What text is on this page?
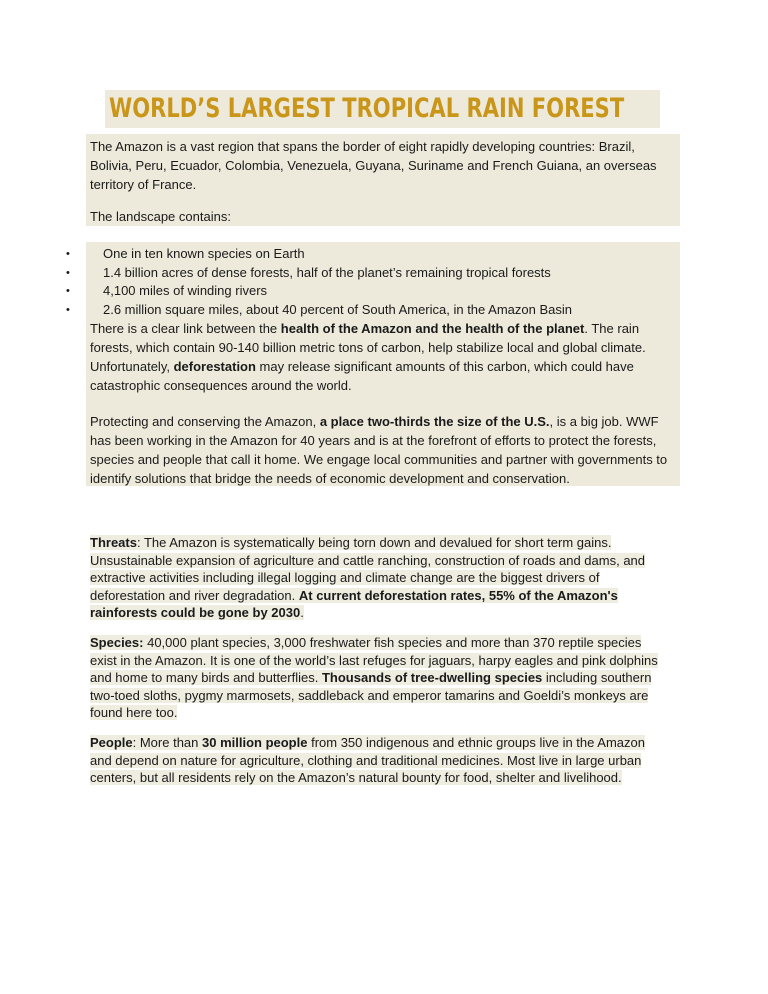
WORLD’S LARGEST TROPICAL RAIN FOREST

The Amazon is a vast region that spans the border of eight rapidly developing countries: Brazil, Bolivia, Peru, Ecuador, Colombia, Venezuela, Guyana, Suriname and French Guiana, an overseas territory of France.

The landscape contains:

•	One in ten known species on Earth
•	1.4 billion acres of dense forests, half of the planet’s remaining tropical forests
•	4,100 miles of winding rivers
•	2.6 million square miles, about 40 percent of South America, in the Amazon Basin

There is a clear link between the health of the Amazon and the health of the planet. The rain forests, which contain 90-140 billion metric tons of carbon, help stabilize local and global climate. Unfortunately, deforestation may release significant amounts of this carbon, which could have catastrophic consequences around the world.

Protecting and conserving the Amazon, a place two-thirds the size of the U.S., is a big job. WWF has been working in the Amazon for 40 years and is at the forefront of efforts to protect the forests, species and people that call it home. We engage local communities and partner with governments to identify solutions that bridge the needs of economic development and conservation.

Threats: The Amazon is systematically being torn down and devalued for short term gains. Unsustainable expansion of agriculture and cattle ranching, construction of roads and dams, and extractive activities including illegal logging and climate change are the biggest drivers of deforestation and river degradation. At current deforestation rates, 55% of the Amazon's rainforests could be gone by 2030.

Species: 40,000 plant species, 3,000 freshwater fish species and more than 370 reptile species exist in the Amazon. It is one of the world’s last refuges for jaguars, harpy eagles and pink dolphins and home to many birds and butterflies. Thousands of tree-dwelling species including southern two-toed sloths, pygmy marmosets, saddleback and emperor tamarins and Goeldi’s monkeys are found here too.

People: More than 30 million people from 350 indigenous and ethnic groups live in the Amazon and depend on nature for agriculture, clothing and traditional medicines. Most live in large urban centers, but all residents rely on the Amazon’s natural bounty for food, shelter and livelihood.
